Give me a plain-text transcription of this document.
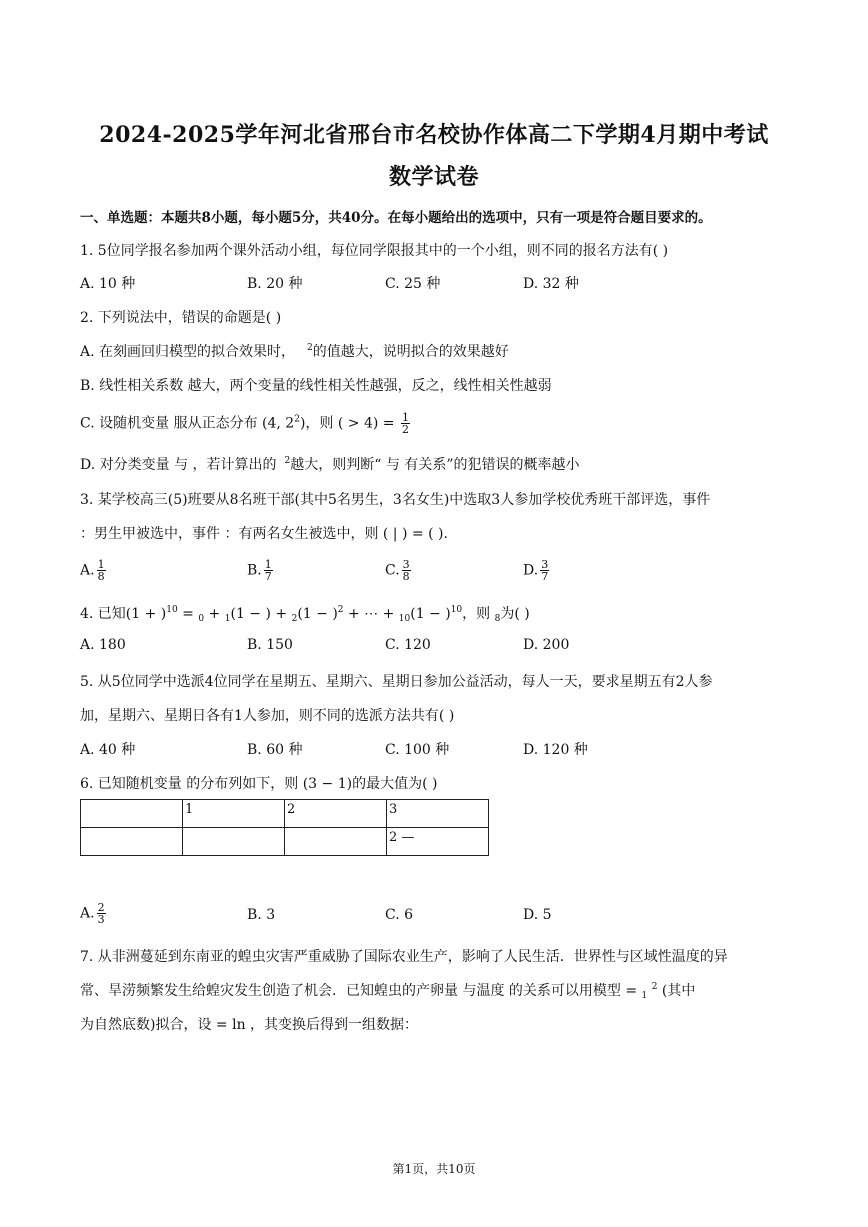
2024-2025学年河北省邢台市名校协作体高二下学期4月期中考试
数学试卷
一、单选题：本题共8小题，每小题5分，共40分。在每小题给出的选项中，只有一项是符合题目要求的。
1. 5位同学报名参加两个课外活动小组，每位同学限报其中的一个小组，则不同的报名方法有( )
A. 10 种	B. 20 种	C. 25 种	D. 32 种
2. 下列说法中，错误的命题是( )
A. 在刻画回归模型的拟合效果时， $^2$的值越大，说明拟合的效果越好
B. 线性相关系数 越大，两个变量的线性相关性越强，反之，线性相关性越弱
C. 设随机变量 服从正态分布 (4, $2^2$)，则 ( > $4) = \frac{1}{2}$
D. 对分类变量 与 ，若计算出的 $^2$越大，则判断“ 与 有关系”的犯错误的概率越小
3. 某学校高三(5)班要从8名班干部(其中5名男生，3名女生)中选取3人参加学校优秀班干部评选，事件
：男生甲被选中，事件 ：有两名女生被选中，则 ( | ) = ( ).
A. $\frac{1}{8}$	B. $\frac{1}{7}$	C. $\frac{3}{8}$	D. $\frac{3}{7}$
4. 已知$(1 + )^{10} = _0 + _1(1$ − ) + $_2(1 - )^2$ + ⋯ + $_{10}(1 - )^{10}$，则 $_8$为( )
A. 180	B. 150	C. 120	D. 200
5. 从5位同学中选派4位同学在星期五、星期六、星期日参加公益活动，每人一天，要求星期五有2人参
加，星期六、星期日各有1人参加，则不同的选派方法共有( )
A. 40 种	B. 60 种	C. 100 种	D. 120 种
6. 已知随机变量 的分布列如下，则 (3 − 1)的最大值为( )
	1	2	3
			2 —
A. $\frac{2}{3}$	B. 3	C. 6	D. 5
7. 从非洲蔓延到东南亚的蝗虫灾害严重威胁了国际农业生产，影响了人民生活．世界性与区域性温度的异
常、旱涝频繁发生给蝗灾发生创造了机会．已知蝗虫的产卵量 与温度 的关系可以用模型 = $_1$ $^2$ (其中
为自然底数)拟合，设 = ln ，其变换后得到一组数据：
第1页，共10页
